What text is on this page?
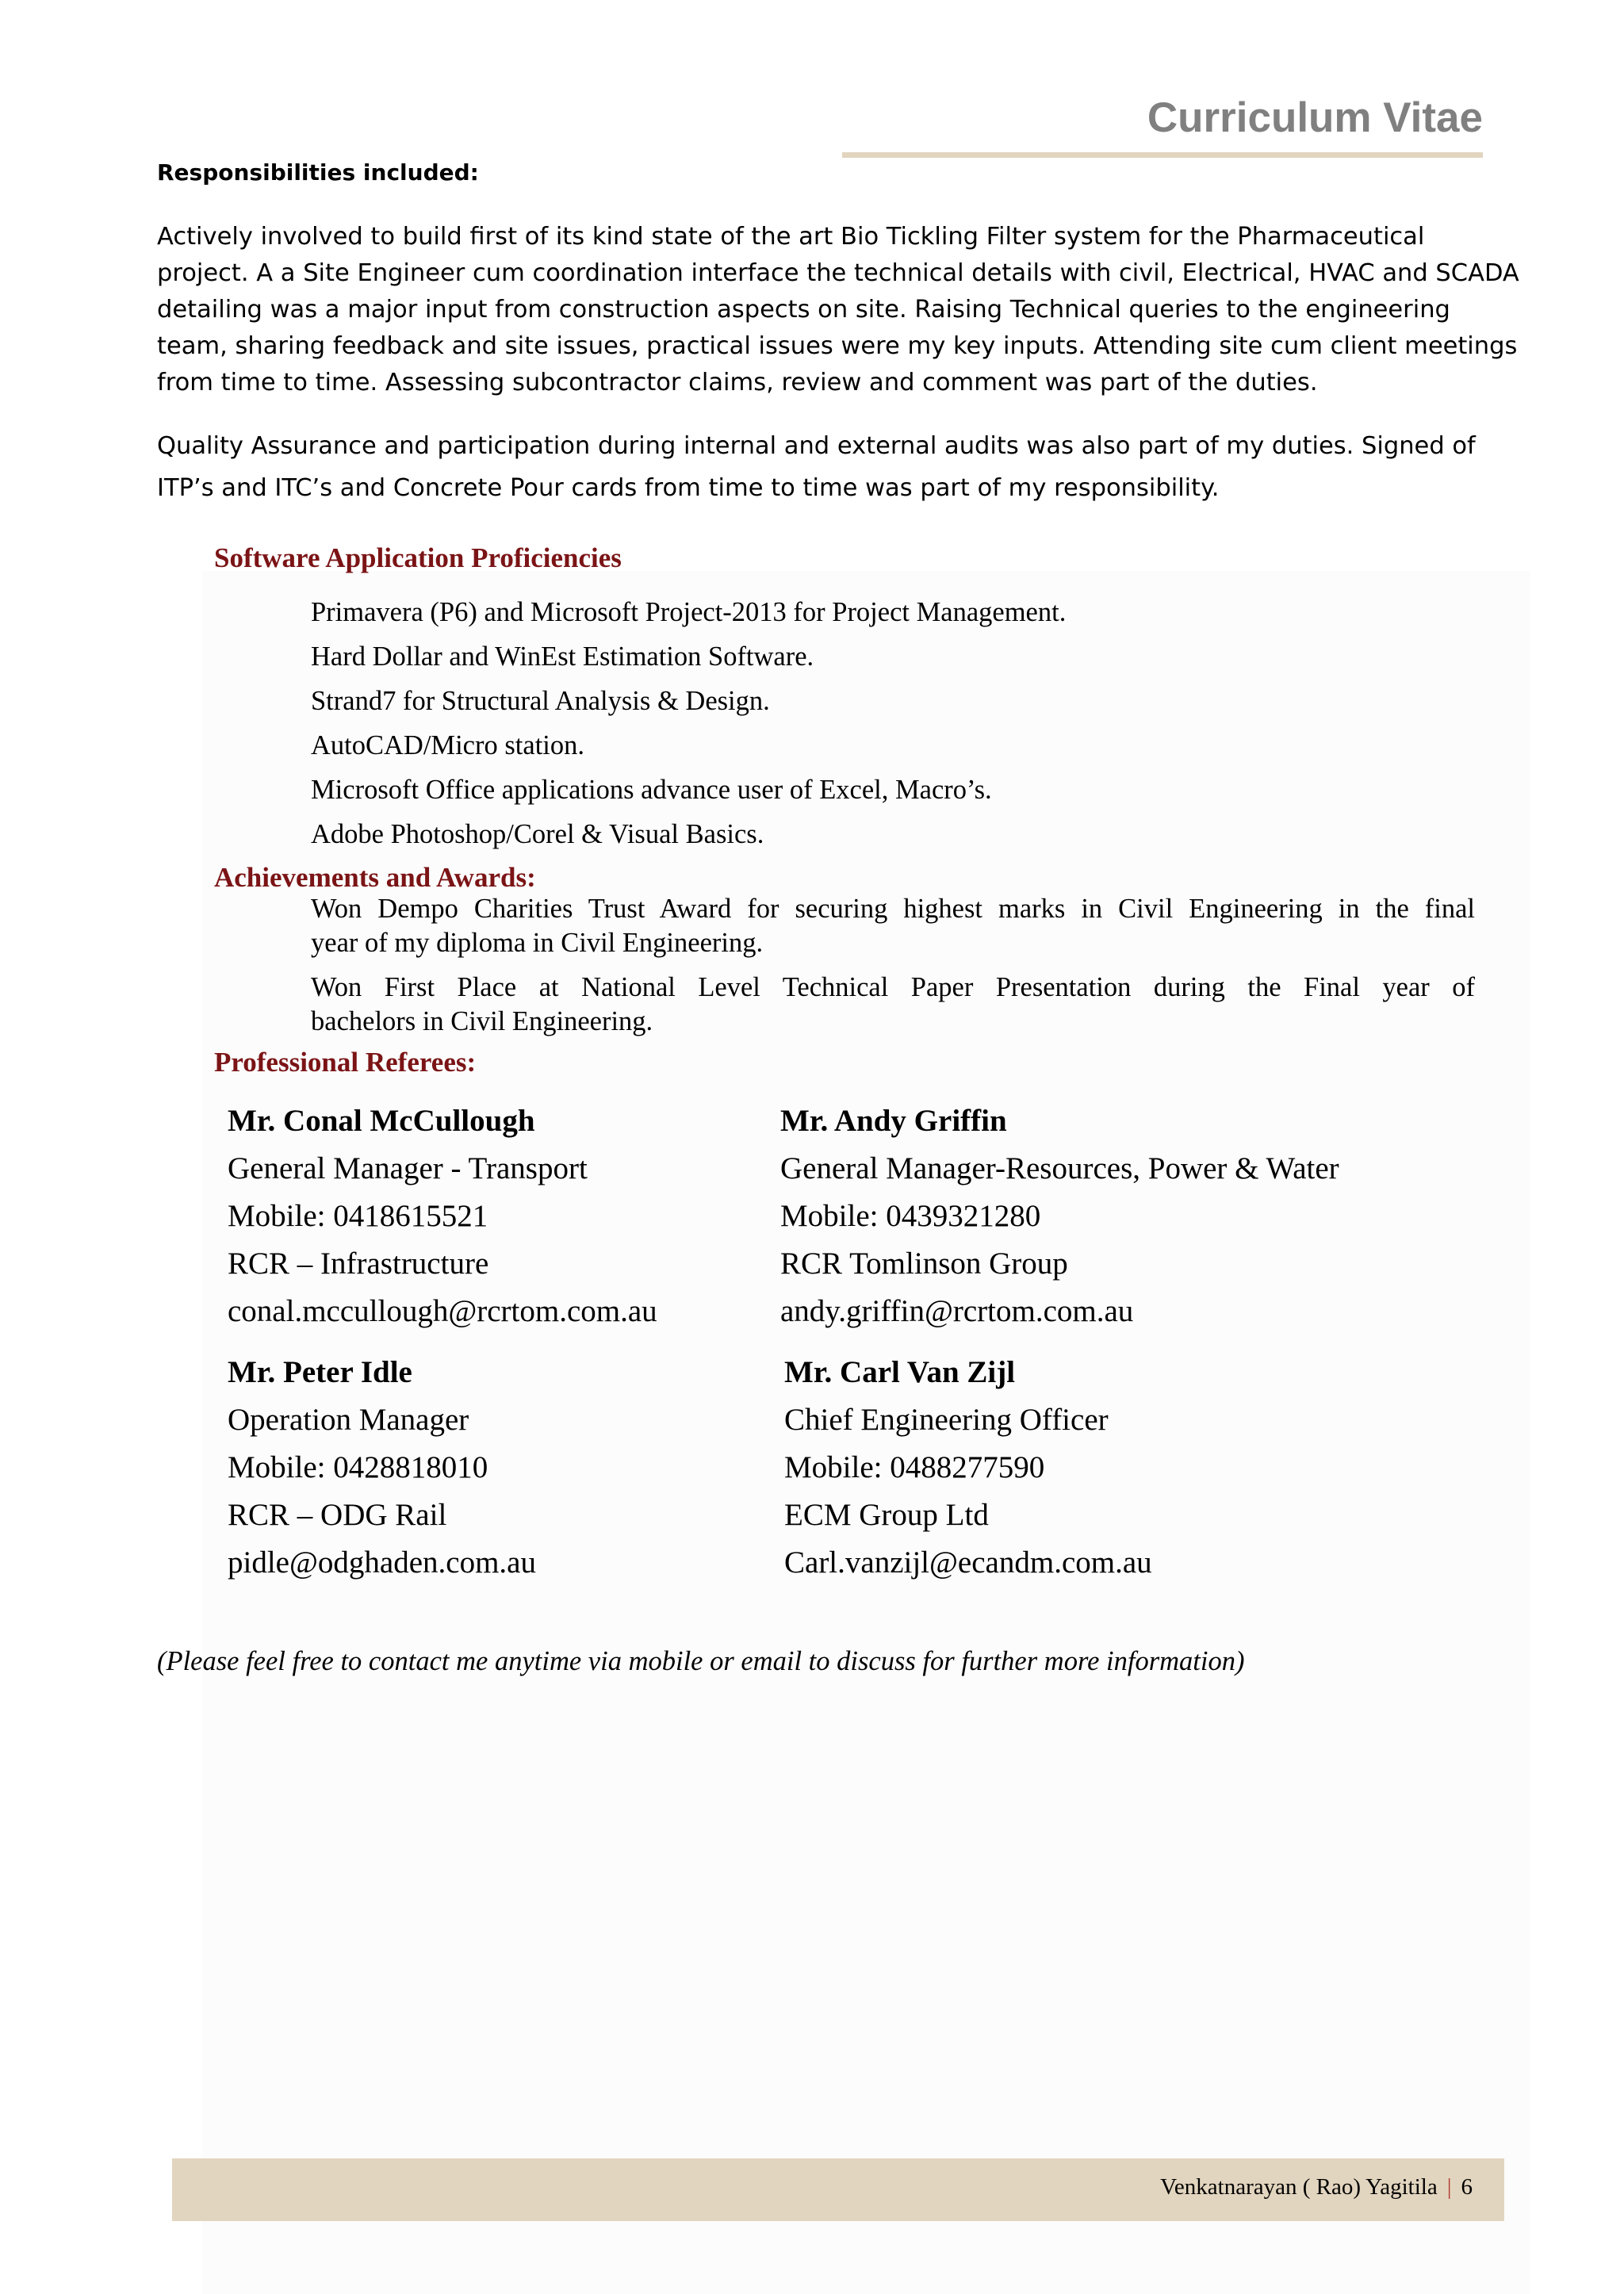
Curriculum Vitae
Responsibilities included:
Actively involved to build first of its kind state of the art Bio Tickling Filter system for the Pharmaceutical
project. A a Site Engineer cum coordination interface the technical details with civil, Electrical, HVAC and SCADA
detailing was a major input from construction aspects on site. Raising Technical queries to the engineering
team, sharing feedback and site issues, practical issues were my key inputs. Attending site cum client meetings
from time to time. Assessing subcontractor claims, review and comment was part of the duties.
Quality Assurance and participation during internal and external audits was also part of my duties. Signed of
ITP’s and ITC’s and Concrete Pour cards from time to time was part of my responsibility.
Software Application Proficiencies
Primavera (P6) and Microsoft Project-2013 for Project Management.
Hard Dollar and WinEst Estimation Software.
Strand7 for Structural Analysis & Design.
AutoCAD/Micro station.
Microsoft Office applications advance user of Excel, Macro’s.
Adobe Photoshop/Corel & Visual Basics.
Achievements and Awards:
Won Dempo Charities Trust Award for securing highest marks in Civil Engineering in the final
year of my diploma in Civil Engineering.
Won First Place at National Level Technical Paper Presentation during the Final year of
bachelors in Civil Engineering.
Professional Referees:
Mr. Conal McCullough
General Manager - Transport
Mobile: 0418615521
RCR – Infrastructure
conal.mccullough@rcrtom.com.au
Mr. Andy Griffin
General Manager-Resources, Power & Water
Mobile: 0439321280
RCR Tomlinson Group
andy.griffin@rcrtom.com.au
Mr. Peter Idle
Operation Manager
Mobile: 0428818010
RCR – ODG Rail
pidle@odghaden.com.au
Mr. Carl Van Zijl
Chief Engineering Officer
Mobile: 0488277590
ECM Group Ltd
Carl.vanzijl@ecandm.com.au
(Please feel free to contact me anytime via mobile or email to discuss for further more information)
Venkatnarayan ( Rao) Yagitila | 6
